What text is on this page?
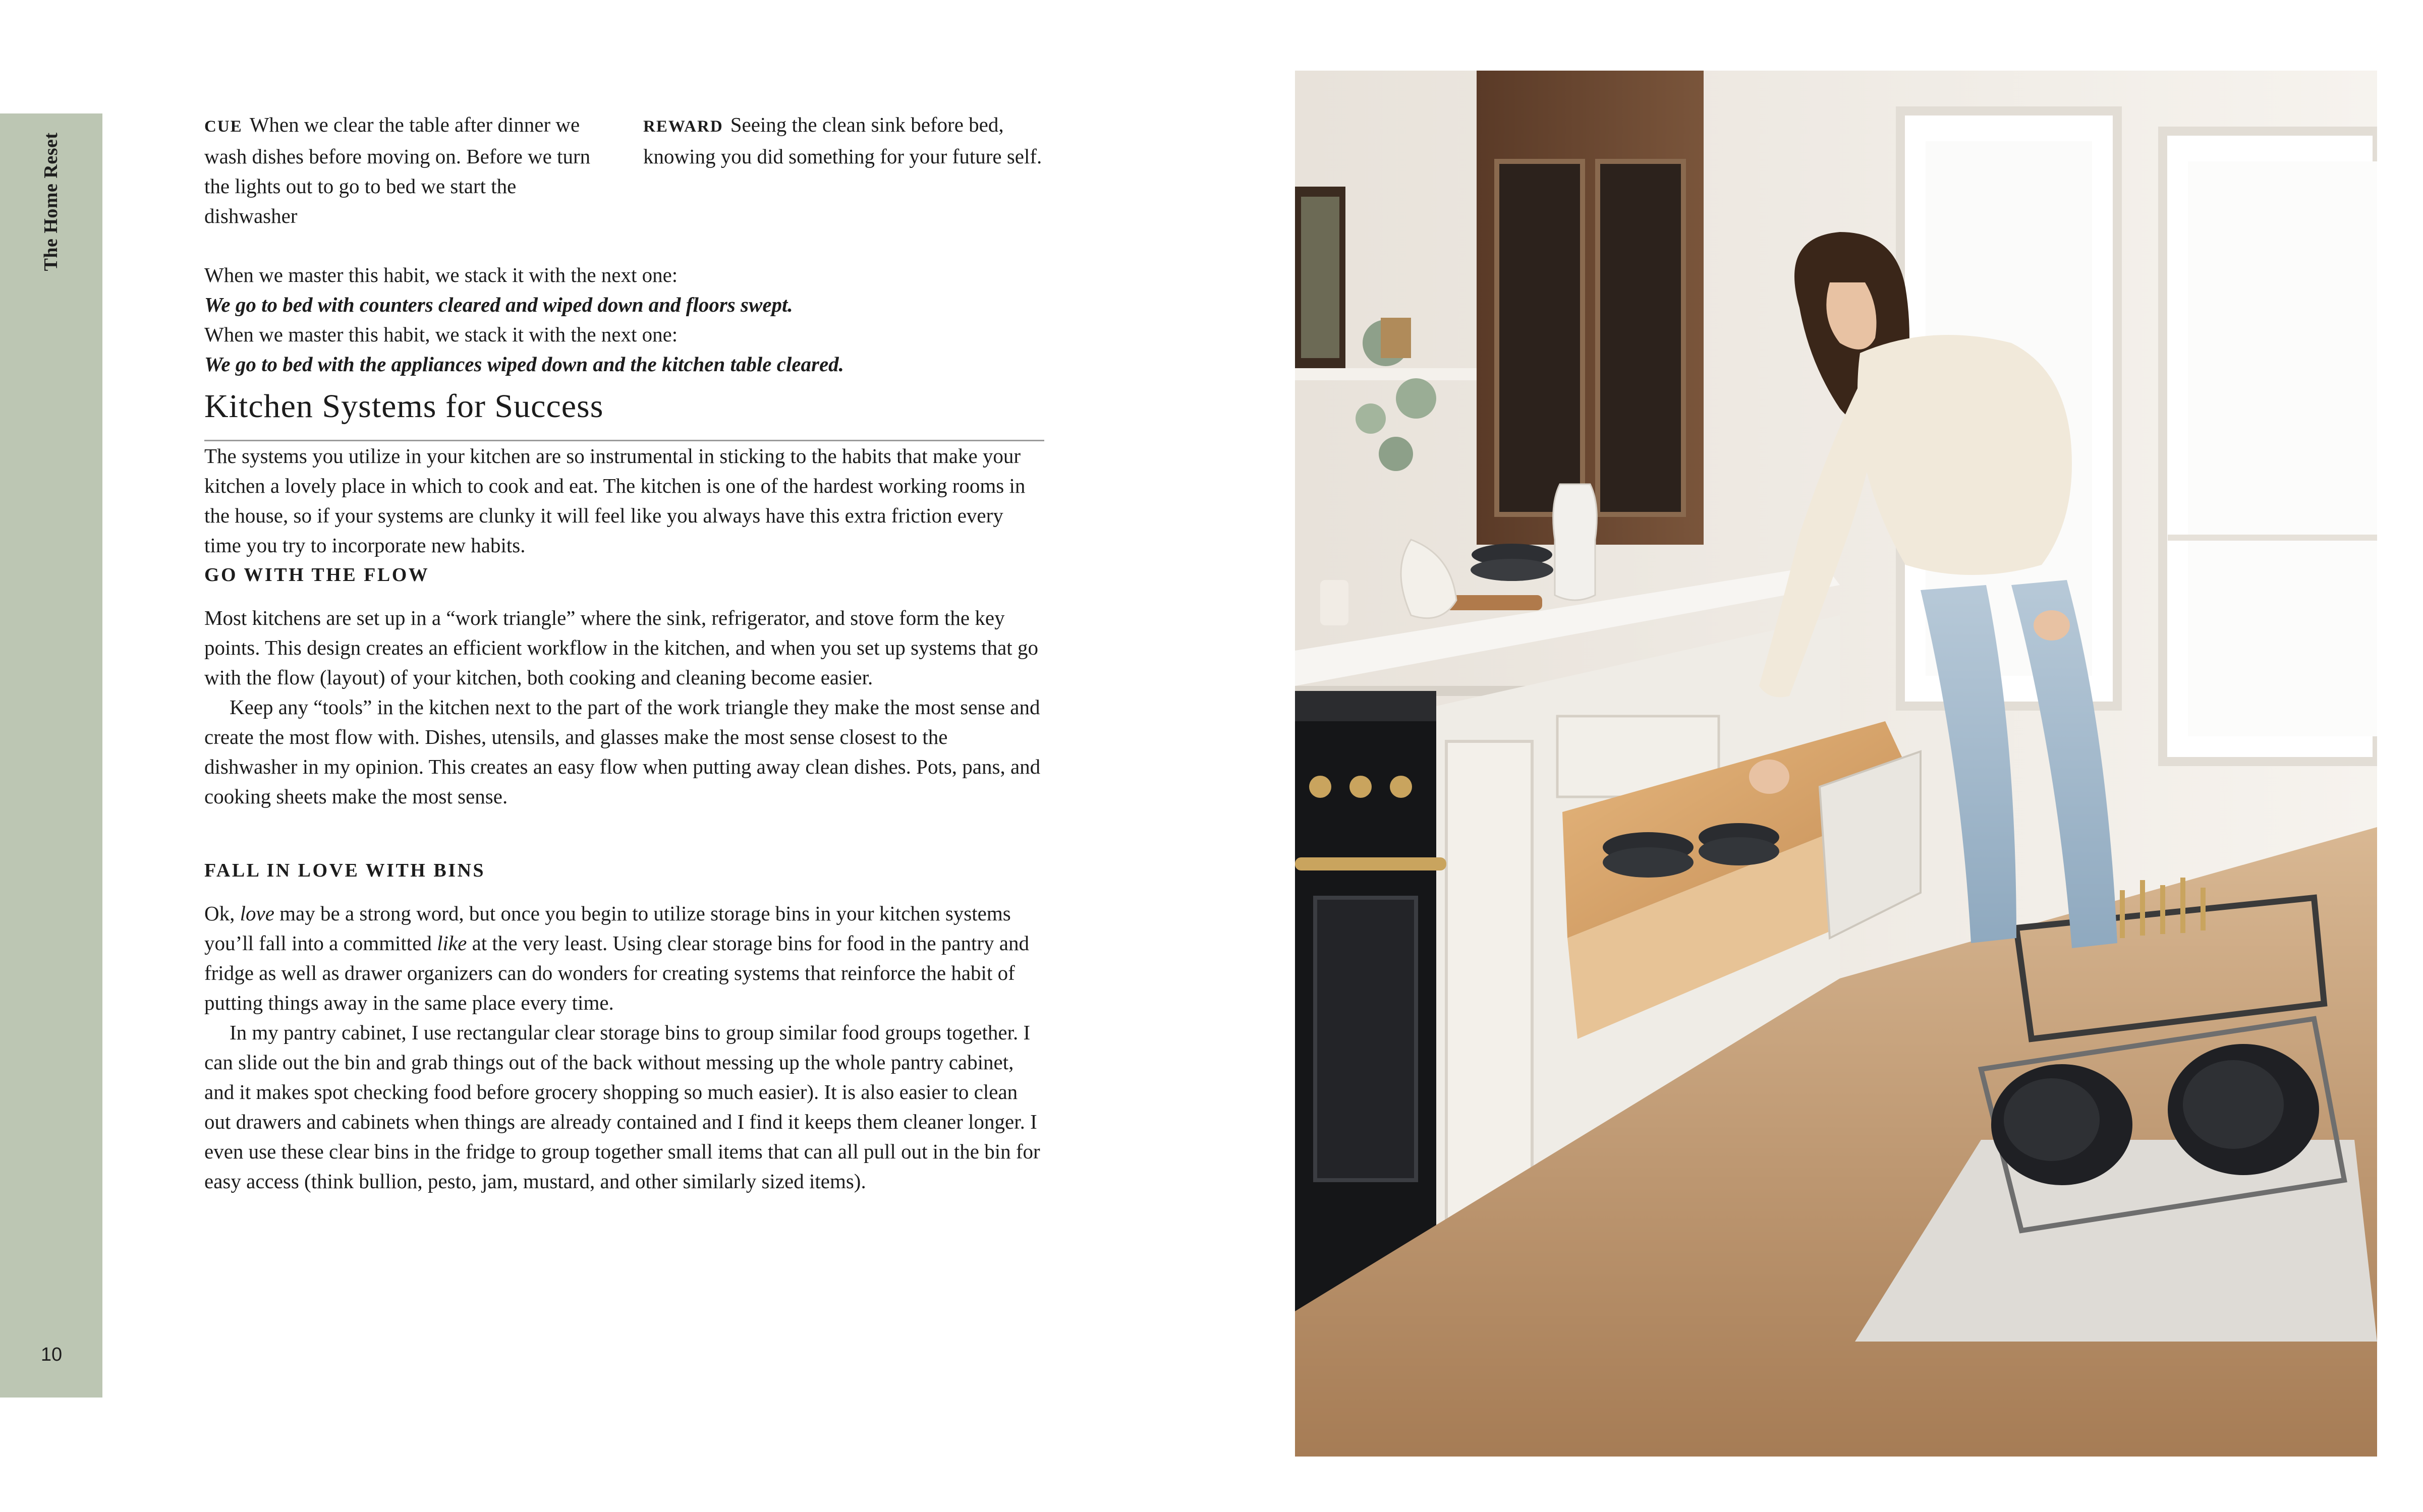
The Home Reset
10

CUE When we clear the table after dinner we wash dishes before moving on. Before we turn the lights out to go to bed we start the dishwasher

REWARD Seeing the clean sink before bed, knowing you did something for your future self.

When we master this habit, we stack it with the next one:
We go to bed with counters cleared and wiped down and floors swept.

When we master this habit, we stack it with the next one:
We go to bed with the appliances wiped down and the kitchen table cleared.

Kitchen Systems for Success

The systems you utilize in your kitchen are so instrumental in sticking to the habits that make your kitchen a lovely place in which to cook and eat. The kitchen is one of the hardest working rooms in the house, so if your systems are clunky it will feel like you always have this extra friction every time you try to incorporate new habits.

GO WITH THE FLOW

Most kitchens are set up in a “work triangle” where the sink, refrigerator, and stove form the key points. This design creates an efficient workflow in the kitchen, and when you set up systems that go with the flow (layout) of your kitchen, both cooking and cleaning become easier.

Keep any “tools” in the kitchen next to the part of the work triangle they make the most sense and create the most flow with. Dishes, utensils, and glasses make the most sense closest to the dishwasher in my opinion. This creates an easy flow when putting away clean dishes. Pots, pans, and cooking sheets make the most sense.

FALL IN LOVE WITH BINS

Ok, love may be a strong word, but once you begin to utilize storage bins in your kitchen systems you’ll fall into a committed like at the very least. Using clear storage bins for food in the pantry and fridge as well as drawer organizers can do wonders for creating systems that reinforce the habit of putting things away in the same place every time.

In my pantry cabinet, I use rectangular clear storage bins to group similar food groups together. I can slide out the bin and grab things out of the back without messing up the whole pantry cabinet, and it makes spot checking food before grocery shopping so much easier). It is also easier to clean out drawers and cabinets when things are already contained and I find it keeps them cleaner longer. I even use these clear bins in the fridge to group together small items that can all pull out in the bin for easy access (think bullion, pesto, jam, mustard, and other similarly sized items).
